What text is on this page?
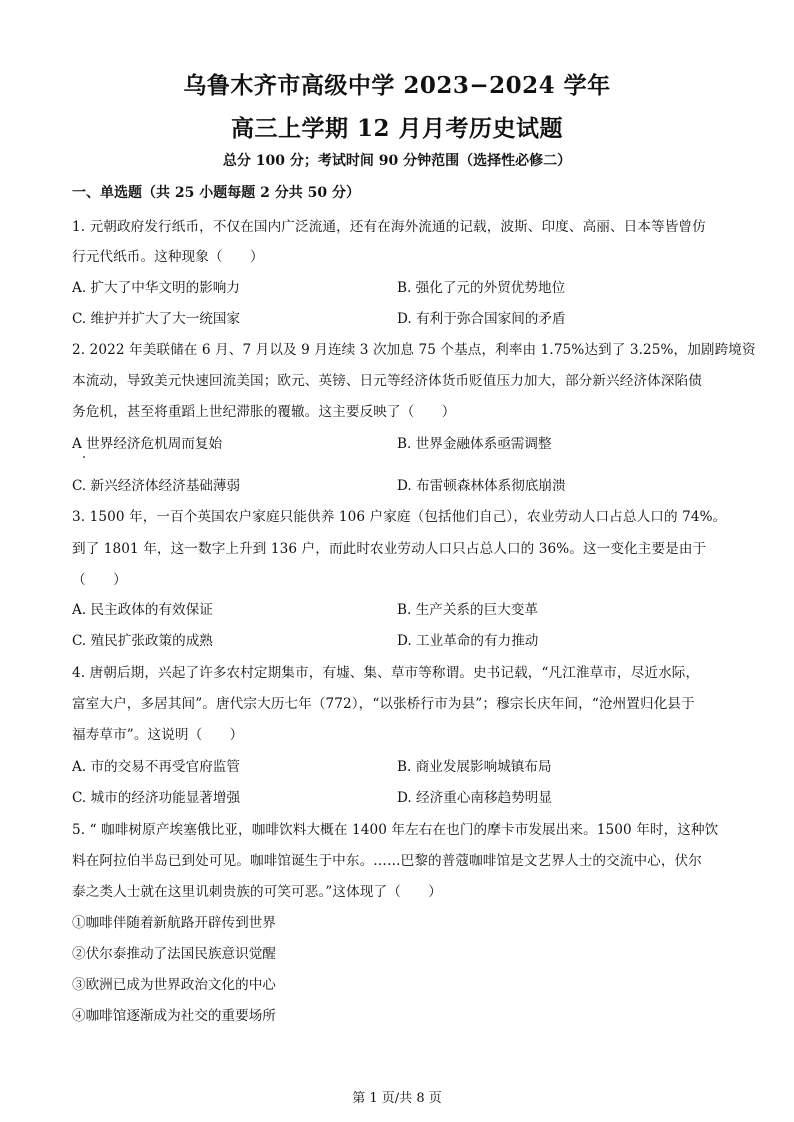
乌鲁木齐市高级中学 2023−2024 学年
高三上学期 12 月月考历史试题
总分 100 分；考试时间 90 分钟范围（选择性必修二）
一、单选题（共 25 小题每题 2 分共 50 分）
1. 元朝政府发行纸币，不仅在国内广泛流通，还有在海外流通的记载，波斯、印度、高丽、日本等皆曾仿
行元代纸币。这种现象（　　）
A. 扩大了中华文明的影响力	B. 强化了元的外贸优势地位
C. 维护并扩大了大一统国家	D. 有利于弥合国家间的矛盾
2. 2022 年美联储在 6 月、7 月以及 9 月连续 3 次加息 75 个基点，利率由 1.75%达到了 3.25%，加剧跨境资
本流动，导致美元快速回流美国；欧元、英镑、日元等经济体货币贬值压力加大，部分新兴经济体深陷债
务危机，甚至将重蹈上世纪滞胀的覆辙。这主要反映了（　　）
A 世界经济危机周而复始	B. 世界金融体系亟需调整
C. 新兴经济体经济基础薄弱	D. 布雷顿森林体系彻底崩溃
3. 1500 年，一百个英国农户家庭只能供养 106 户家庭（包括他们自己），农业劳动人口占总人口的 74%。
到了 1801 年，这一数字上升到 136 户，而此时农业劳动人口只占总人口的 36%。这一变化主要是由于
（　　）
A. 民主政体的有效保证	B. 生产关系的巨大变革
C. 殖民扩张政策的成熟	D. 工业革命的有力推动
4. 唐朝后期，兴起了许多农村定期集市，有墟、集、草市等称谓。史书记载，“凡江淮草市，尽近水际，
富室大户，多居其间”。唐代宗大历七年（772），“以张桥行市为县”；穆宗长庆年间，“沧州置归化县于
福寿草市”。这说明（　　）
A. 市的交易不再受官府监管	B. 商业发展影响城镇布局
C. 城市的经济功能显著增强	D. 经济重心南移趋势明显
5. “ 咖啡树原产埃塞俄比亚，咖啡饮料大概在 1400 年左右在也门的摩卡市发展出来。1500 年时，这种饮
料在阿拉伯半岛已到处可见。咖啡馆诞生于中东。……巴黎的普蔻咖啡馆是文艺界人士的交流中心，伏尔
泰之类人士就在这里讥刺贵族的可笑可恶。”这体现了（　　）
①咖啡伴随着新航路开辟传到世界
②伏尔泰推动了法国民族意识觉醒
③欧洲已成为世界政治文化的中心
④咖啡馆逐渐成为社交的重要场所
第 1 页/共 8 页
